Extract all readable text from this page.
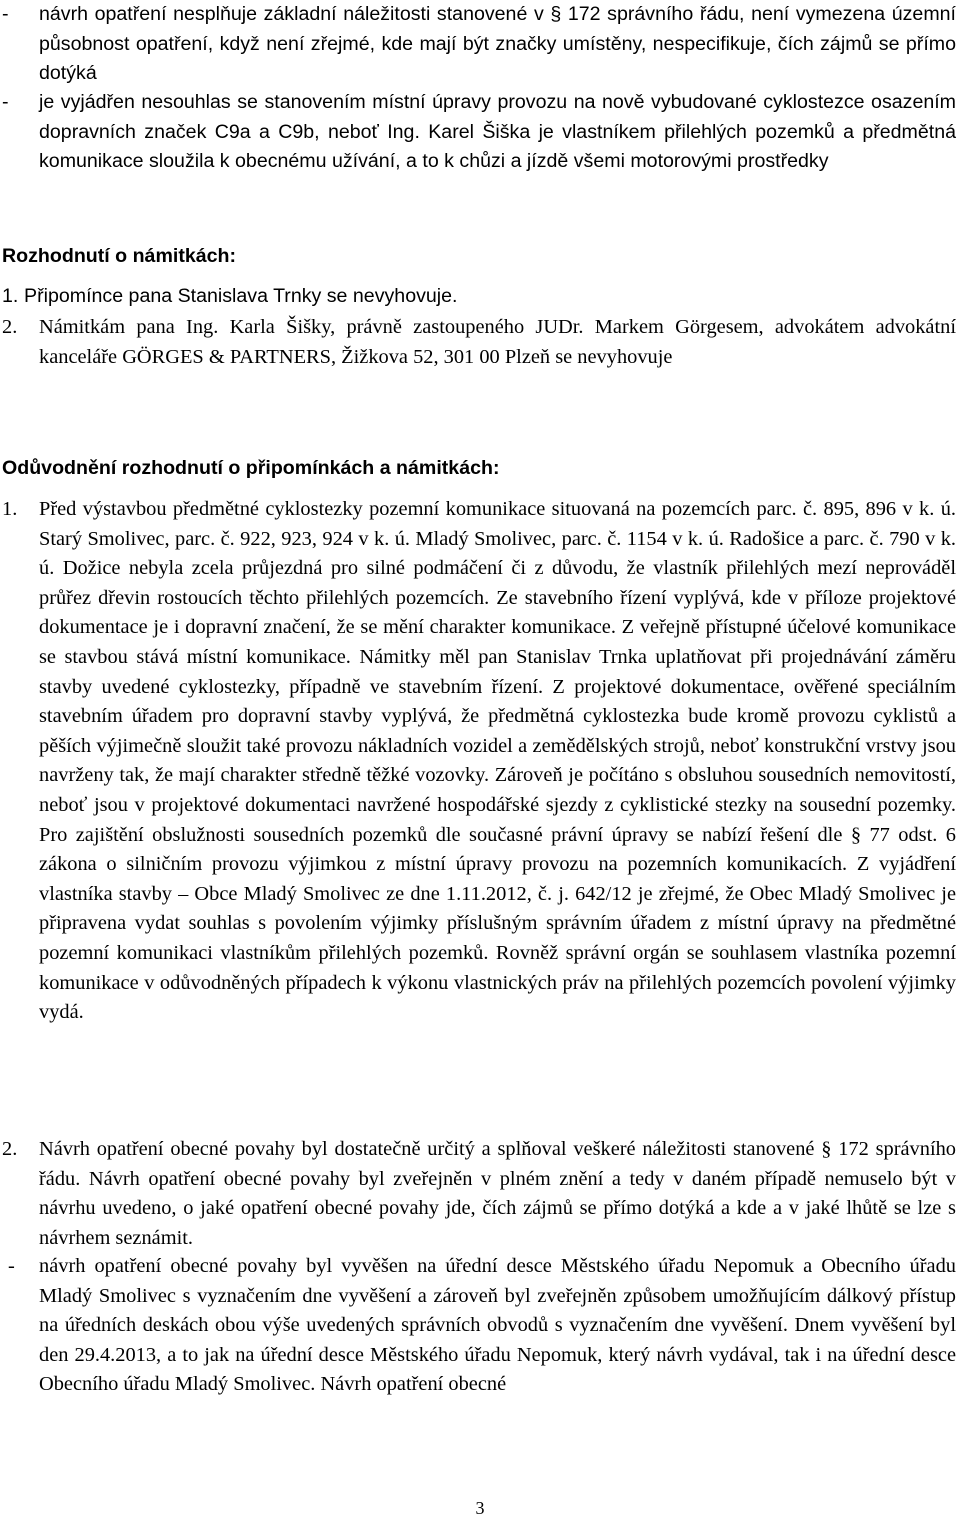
- návrh opatření nesplňuje základní náležitosti stanovené v § 172 správního řádu, není vymezena územní působnost opatření, když není zřejmé, kde mají být značky umístěny, nespecifikuje, čích zájmů se přímo dotýká
- je vyjádřen nesouhlas se stanovením místní úpravy provozu na nově vybudované cyklostezce osazením dopravních značek C9a a C9b, neboť Ing. Karel Šiška je vlastníkem přilehlých pozemků a předmětná komunikace sloužila k obecnému užívání, a to k chůzi a jízdě všemi motorovými prostředky
Rozhodnutí o námitkách:
1. Připomínce pana Stanislava Trnky se nevyhovuje.
2. Námitkám pana Ing. Karla Šišky, právně zastoupeného JUDr. Markem Görgesem, advokátem advokátní kanceláře GÖRGES & PARTNERS, Žižkova 52, 301 00 Plzeň se nevyhovuje
Odůvodnění rozhodnutí o připomínkách a námitkách:
1. Před výstavbou předmětné cyklostezky pozemní komunikace situovaná na pozemcích parc. č. 895, 896 v k. ú. Starý Smolivec, parc. č. 922, 923, 924 v k. ú. Mladý Smolivec, parc. č. 1154 v k. ú. Radošice a parc. č. 790 v k. ú. Dožice nebyla zcela průjezdná pro silné podmáčení či z důvodu, že vlastník přilehlých mezí neprováděl průřez dřevin rostoucích těchto přilehlých pozemcích. Ze stavebního řízení vyplývá, kde v příloze projektové dokumentace je i dopravní značení, že se mění charakter komunikace. Z veřejně přístupné účelové komunikace se stavbou stává místní komunikace. Námitky měl pan Stanislav Trnka uplatňovat při projednávání záměru stavby uvedené cyklostezky, případně ve stavebním řízení. Z projektové dokumentace, ověřené speciálním stavebním úřadem pro dopravní stavby vyplývá, že předmětná cyklostezka bude kromě provozu cyklistů a pěších výjimečně sloužit také provozu nákladních vozidel a zemědělských strojů, neboť konstrukční vrstvy jsou navrženy tak, že mají charakter středně těžké vozovky. Zároveň je počítáno s obsluhou sousedních nemovitostí, neboť jsou v projektové dokumentaci navržené hospodářské sjezdy z cyklistické stezky na sousední pozemky. Pro zajištění obslužnosti sousedních pozemků dle současné právní úpravy se nabízí řešení dle § 77 odst. 6 zákona o silničním provozu výjimkou z místní úpravy provozu na pozemních komunikacích. Z vyjádření vlastníka stavby – Obce Mladý Smolivec ze dne 1.11.2012, č. j. 642/12 je zřejmé, že Obec Mladý Smolivec je připravena vydat souhlas s povolením výjimky příslušným správním úřadem z místní úpravy na předmětné pozemní komunikaci vlastníkům přilehlých pozemků. Rovněž správní orgán se souhlasem vlastníka pozemní komunikace v odůvodněných případech k výkonu vlastnických práv na přilehlých pozemcích povolení výjimky vydá.
2. Návrh opatření obecné povahy byl dostatečně určitý a splňoval veškeré náležitosti stanovené § 172 správního řádu. Návrh opatření obecné povahy byl zveřejněn v plném znění a tedy v daném případě nemuselo být v návrhu uvedeno, o jaké opatření obecné povahy jde, čích zájmů se přímo dotýká a kde a v jaké lhůtě se lze s návrhem seznámit.
- návrh opatření obecné povahy byl vyvěšen na úřední desce Městského úřadu Nepomuk a Obecního úřadu Mladý Smolivec s vyznačením dne vyvěšení a zároveň byl zveřejněn způsobem umožňujícím dálkový přístup na úředních deskách obou výše uvedených správních obvodů s vyznačením dne vyvěšení. Dnem vyvěšení byl den 29.4.2013, a to jak na úřední desce Městského úřadu Nepomuk, který návrh vydával, tak i na úřední desce Obecního úřadu Mladý Smolivec. Návrh opatření obecné
3
